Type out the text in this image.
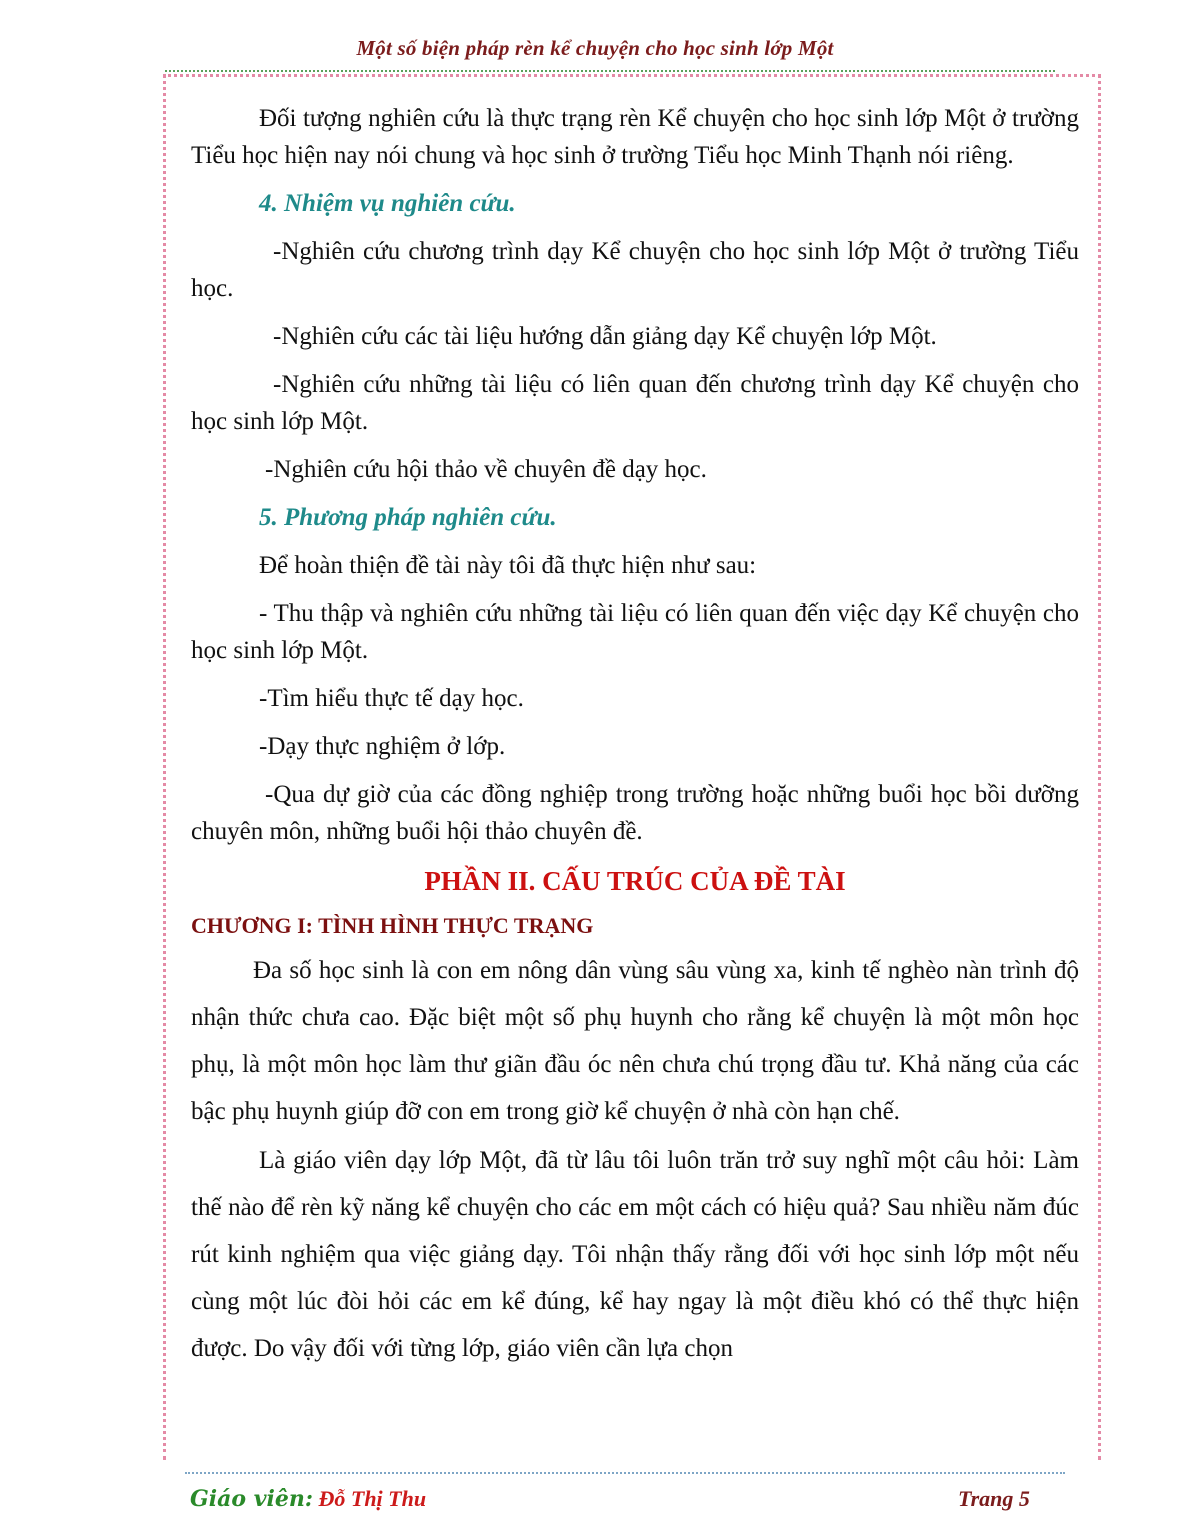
Một số biện pháp rèn kể chuyện cho học sinh lớp Một

Đối tượng nghiên cứu là thực trạng rèn Kể chuyện cho học sinh lớp Một ở trường Tiểu học hiện nay nói chung và học sinh ở trường Tiểu học Minh Thạnh nói riêng.

4. Nhiệm vụ nghiên cứu.

-Nghiên cứu chương trình dạy Kể chuyện cho học sinh lớp Một ở trường Tiểu học.

-Nghiên cứu các tài liệu hướng dẫn giảng dạy Kể chuyện lớp Một.

-Nghiên cứu những tài liệu có liên quan đến chương trình dạy Kể chuyện cho học sinh lớp Một.

-Nghiên cứu hội thảo về chuyên đề dạy học.

5. Phương pháp nghiên cứu.

Để hoàn thiện đề tài này tôi đã thực hiện như sau:

- Thu thập và nghiên cứu những tài liệu có liên quan đến việc dạy Kể chuyện cho học sinh lớp Một.

-Tìm hiểu thực tế dạy học.

-Dạy thực nghiệm ở lớp.

-Qua dự giờ của các đồng nghiệp trong trường hoặc những buổi học bồi dưỡng chuyên môn, những buổi hội thảo chuyên đề.

PHẦN II. CẤU TRÚC CỦA ĐỀ TÀI

CHƯƠNG I: TÌNH HÌNH THỰC TRẠNG

Đa số học sinh là con em nông dân vùng sâu vùng xa, kinh tế nghèo nàn trình độ nhận thức chưa cao. Đặc biệt một số phụ huynh cho rằng kể chuyện là một môn học phụ, là một môn học làm thư giãn đầu óc nên chưa chú trọng đầu tư. Khả năng của các bậc phụ huynh giúp đỡ con em trong giờ kể chuyện ở nhà còn hạn chế.

Là giáo viên dạy lớp Một, đã từ lâu tôi luôn trăn trở suy nghĩ một câu hỏi: Làm thế nào để rèn kỹ năng kể chuyện cho các em một cách có hiệu quả? Sau nhiều năm đúc rút kinh nghiệm qua việc giảng dạy. Tôi nhận thấy rằng đối với học sinh lớp một nếu cùng một lúc đòi hỏi các em kể đúng, kể hay ngay là một điều khó có thể thực hiện được. Do vậy đối với từng lớp, giáo viên cần lựa chọn

Giáo viên: Đỗ Thị Thu	Trang 5
